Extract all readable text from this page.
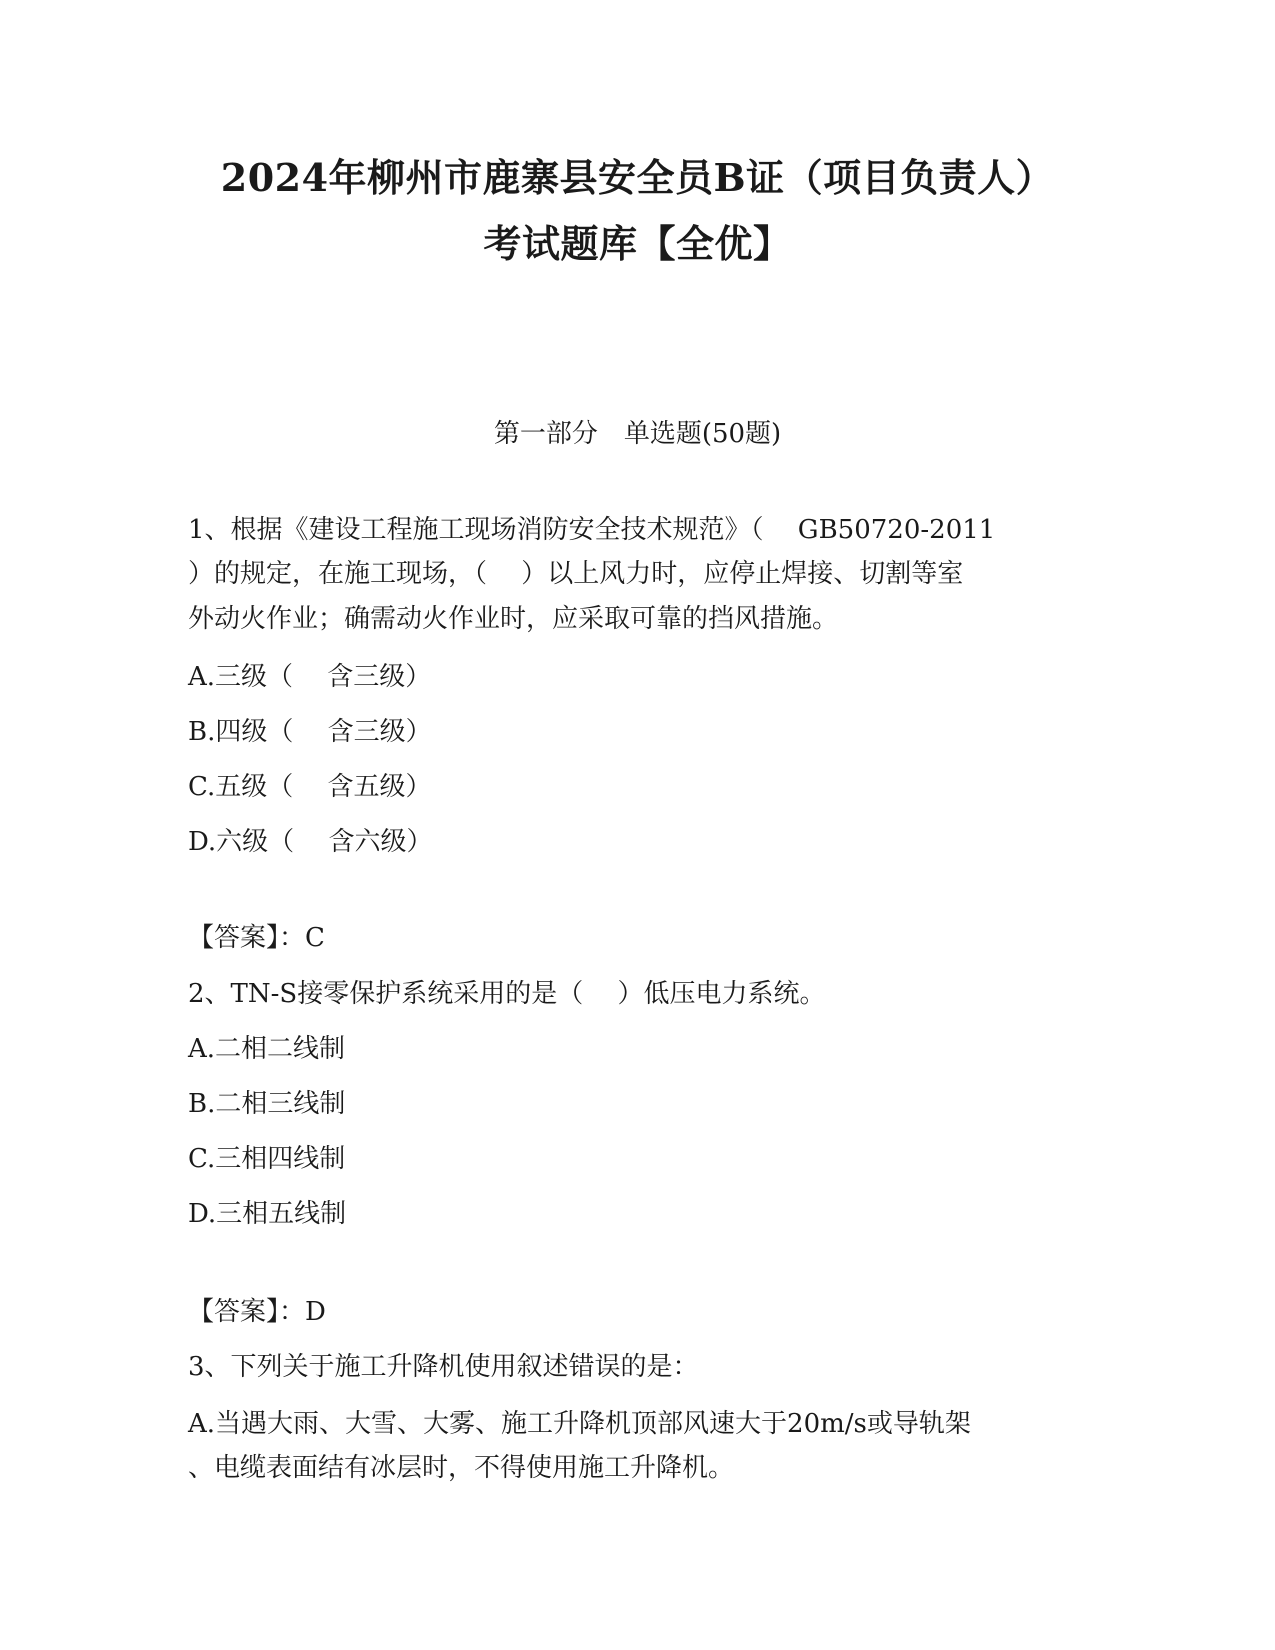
2024年柳州市鹿寨县安全员B证（项目负责人）
考试题库【全优】
第一部分　单选题(50题)
1、根据《建设工程施工现场消防安全技术规范》（　 GB50720-2011
）的规定，在施工现场，（　 ）以上风力时，应停止焊接、切割等室
外动火作业；确需动火作业时，应采取可靠的挡风措施。
A.三级（　 含三级）
B.四级（　 含三级）
C.五级（　 含五级）
D.六级（　 含六级）
【答案】：C
2、TN-S接零保护系统采用的是（　 ）低压电力系统。
A.二相二线制
B.二相三线制
C.三相四线制
D.三相五线制
【答案】：D
3、下列关于施工升降机使用叙述错误的是：
A.当遇大雨、大雪、大雾、施工升降机顶部风速大于20m/s或导轨架
、电缆表面结有冰层时，不得使用施工升降机。
